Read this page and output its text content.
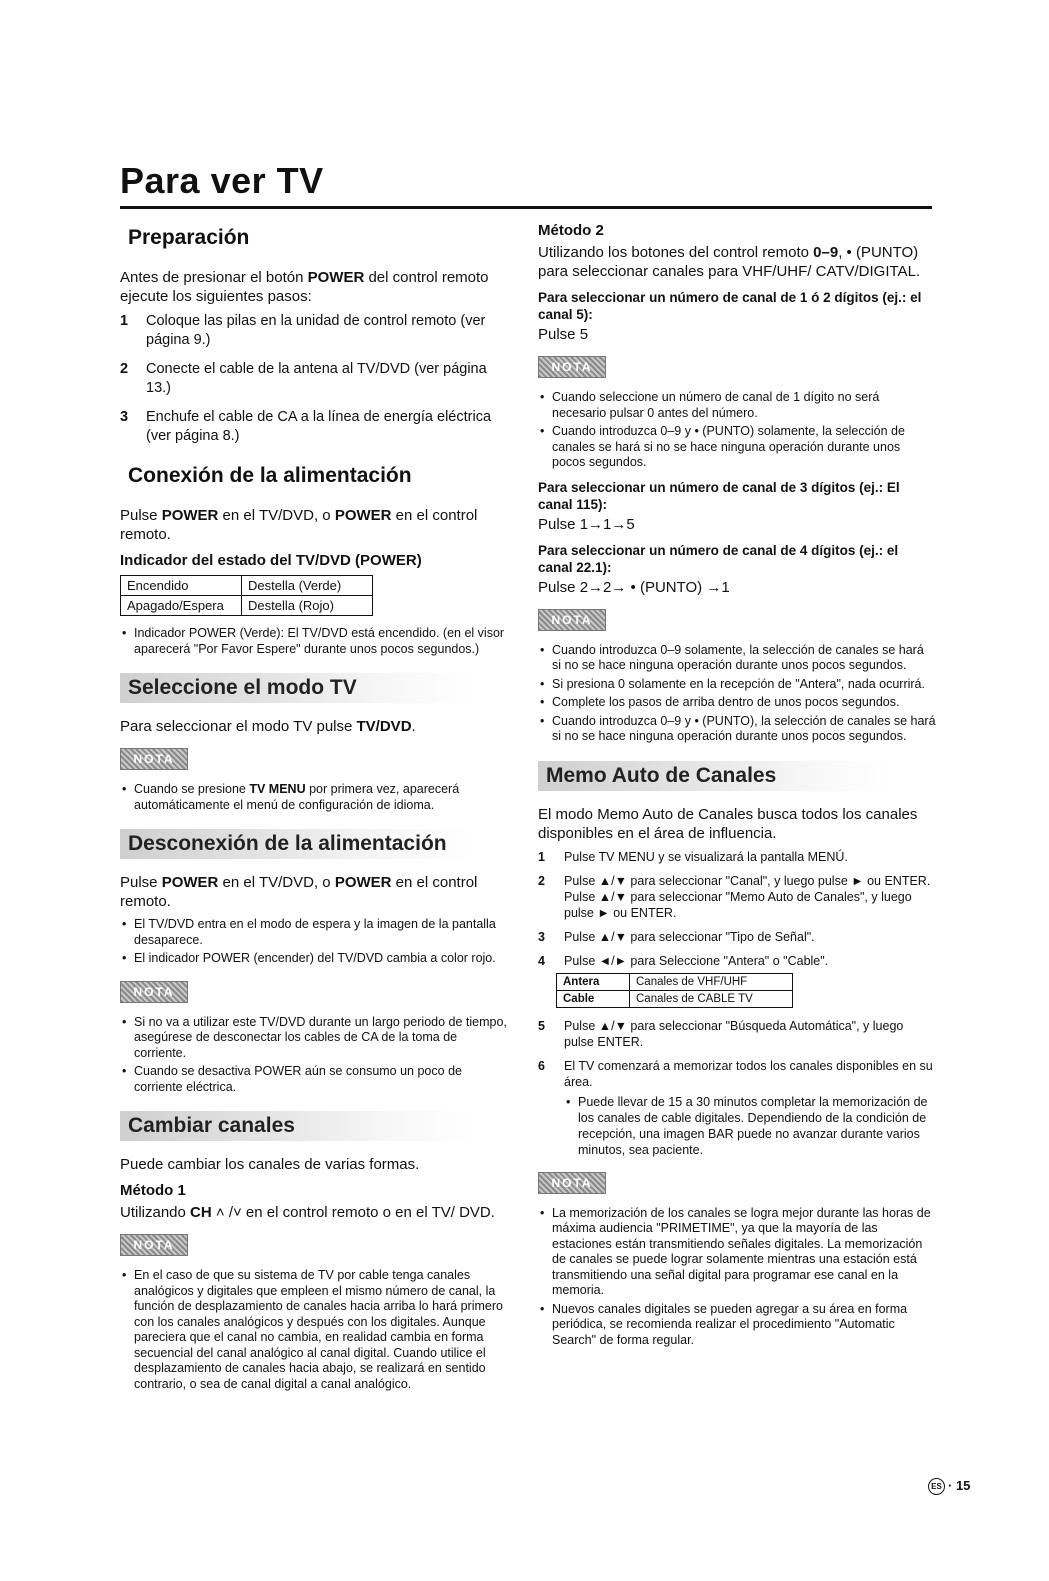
Para ver TV
Preparación

Antes de presionar el botón POWER del control remoto ejecute los siguientes pasos:

1 Coloque las pilas en la unidad de control remoto (ver página 9.)
2 Conecte el cable de la antena al TV/DVD (ver página 13.)
3 Enchufe el cable de CA a la línea de energía eléctrica (ver página 8.)
Conexión de la alimentación

Pulse POWER en el TV/DVD, o POWER en el control remoto.

Indicador del estado del TV/DVD (POWER)
Encendido	Destella (Verde)
Apagado/Espera	Destella (Rojo)
• Indicador POWER (Verde): El TV/DVD está encendido. (en el visor aparecerá "Por Favor Espere" durante unos pocos segundos.)
Seleccione el modo TV

Para seleccionar el modo TV pulse TV/DVD.

NOTA
• Cuando se presione TV MENU por primera vez, aparecerá automáticamente el menú de configuración de idioma.
Desconexión de la alimentación

Pulse POWER en el TV/DVD, o POWER en el control remoto.

• El TV/DVD entra en el modo de espera y la imagen de la pantalla desaparece.
• El indicador POWER (encender) del TV/DVD cambia a color rojo.
NOTA
• Si no va a utilizar este TV/DVD durante un largo periodo de tiempo, asegúrese de desconectar los cables de CA de la toma de corriente.
• Cuando se desactiva POWER aún se consumo un poco de corriente eléctrica.
Cambiar canales

Puede cambiar los canales de varias formas.

Método 1

Utilizando CH ˄ /˅ en el control remoto o en el TV/ DVD.

NOTA
• En el caso de que su sistema de TV por cable tenga canales analógicos y digitales que empleen el mismo número de canal, la función de desplazamiento de canales hacia arriba lo hará primero con los canales analógicos y después con los digitales. Aunque pareciera que el canal no cambia, en realidad cambia en forma secuencial del canal analógico al canal digital. Cuando utilice el desplazamiento de canales hacia abajo, se realizará en sentido contrario, o sea de canal digital a canal analógico.
Método 2

Utilizando los botones del control remoto 0–9, • (PUNTO) para seleccionar canales para VHF/UHF/ CATV/DIGITAL.

Para seleccionar un número de canal de 1 ó 2 dígitos (ej.: el canal 5):

Pulse 5

NOTA
• Cuando seleccione un número de canal de 1 dígito no será necesario pulsar 0 antes del número.
• Cuando introduzca 0–9 y • (PUNTO) solamente, la selección de canales se hará si no se hace ninguna operación durante unos pocos segundos.
Para seleccionar un número de canal de 3 dígitos (ej.: El canal 115):

Pulse 1→1→5

Para seleccionar un número de canal de 4 dígitos (ej.: el canal 22.1):

Pulse 2→2→ • (PUNTO) →1

NOTA
• Cuando introduzca 0–9 solamente, la selección de canales se hará si no se hace ninguna operación durante unos pocos segundos.
• Si presiona 0 solamente en la recepción de "Antera", nada ocurrirá.
• Complete los pasos de arriba dentro de unos pocos segundos.
• Cuando introduzca 0–9 y • (PUNTO), la selección de canales se hará si no se hace ninguna operación durante unos pocos segundos.
Memo Auto de Canales

El modo Memo Auto de Canales busca todos los canales disponibles en el área de influencia.

1 Pulse TV MENU y se visualizará la pantalla MENÚ.
2 Pulse ▲/▼ para seleccionar "Canal", y luego pulse ► ou ENTER. Pulse ▲/▼ para seleccionar "Memo Auto de Canales", y luego pulse ► ou ENTER.
3 Pulse ▲/▼ para seleccionar "Tipo de Señal".
4 Pulse ◄/► para Seleccione "Antera" o "Cable".
Antera	Canales de VHF/UHF
Cable	Canales de CABLE TV
5 Pulse ▲/▼ para seleccionar "Búsqueda Automática", y luego pulse ENTER.
6 El TV comenzará a memorizar todos los canales disponibles en su área.
• Puede llevar de 15 a 30 minutos completar la memorización de los canales de cable digitales. Dependiendo de la condición de recepción, una imagen BAR puede no avanzar durante varios minutos, sea paciente.
NOTA
• La memorización de los canales se logra mejor durante las horas de máxima audiencia "PRIMETIME", ya que la mayoría de las estaciones están transmitiendo señales digitales. La memorización de canales se puede lograr solamente mientras una estación está transmitiendo una señal digital para programar ese canal en la memoria.
• Nuevos canales digitales se pueden agregar a su área en forma periódica, se recomienda realizar el procedimiento "Automatic Search" de forma regular.
ES · 15
